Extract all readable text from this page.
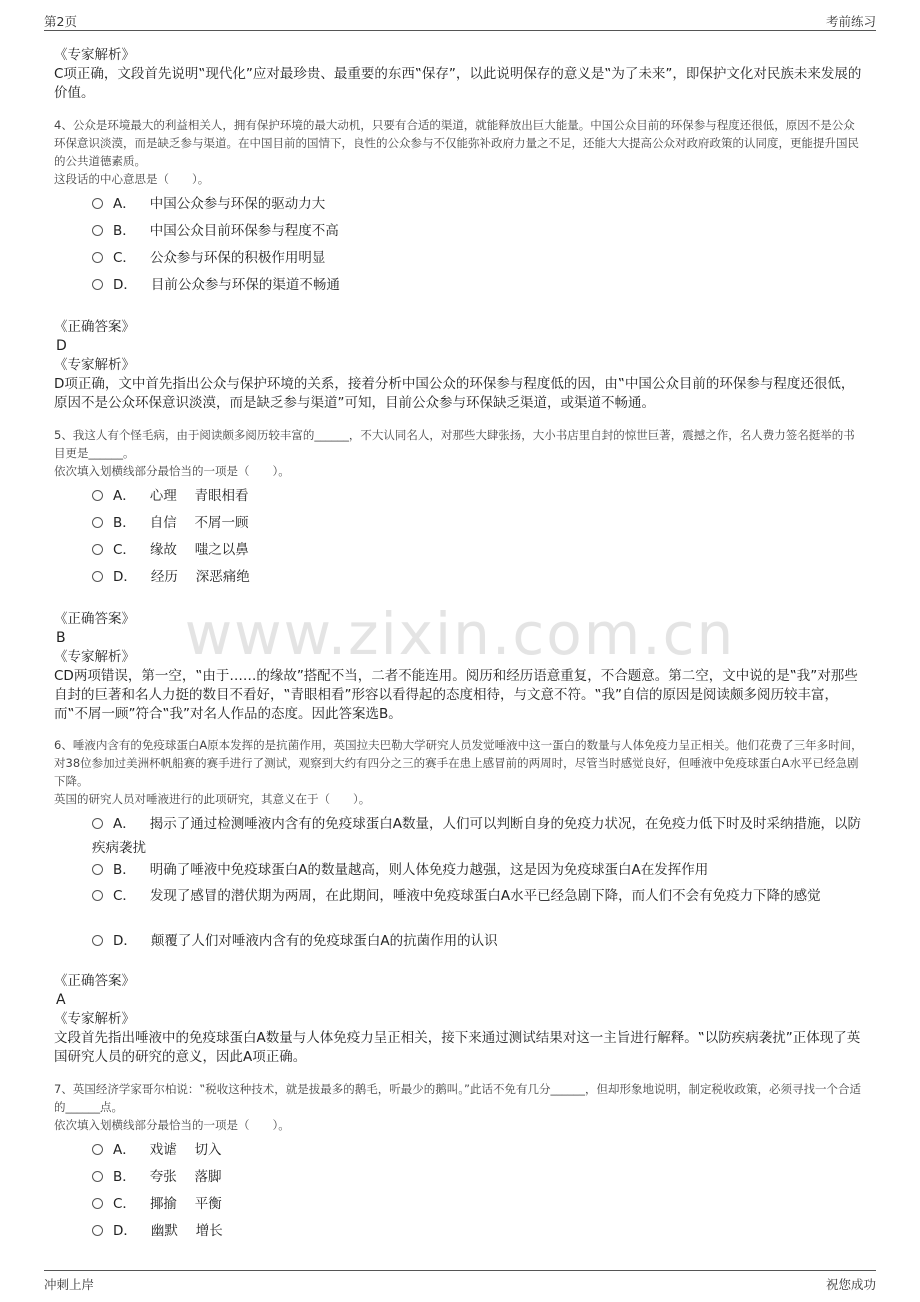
第2页	考前练习
www.zixin.com.cn
《专家解析》
C项正确，文段首先说明‟现代化”应对最珍贵、最重要的东西‟保存”，以此说明保存的意义是‟为了未来”，即保护文化对民族未来发展的价值。
4、公众是环境最大的利益相关人，拥有保护环境的最大动机，只要有合适的渠道，就能释放出巨大能量。中国公众目前的环保参与程度还很低，原因不是公众环保意识淡漠，而是缺乏参与渠道。在中国目前的国情下，良性的公众参与不仅能弥补政府力量之不足，还能大大提高公众对政府政策的认同度，更能提升国民的公共道德素质。
这段话的中心意思是（　　）。
A． 中国公众参与环保的驱动力大
B． 中国公众目前环保参与程度不高
C． 公众参与环保的积极作用明显
D． 目前公众参与环保的渠道不畅通
《正确答案》
D
《专家解析》
D项正确，文中首先指出公众与保护环境的关系，接着分析中国公众的环保参与程度低的因，由‟中国公众目前的环保参与程度还很低，原因不是公众环保意识淡漠，而是缺乏参与渠道”可知，目前公众参与环保缺乏渠道，或渠道不畅通。
5、我这人有个怪毛病，由于阅读颇多阅历较丰富的______，不大认同名人，对那些大肆张扬，大小书店里自封的惊世巨著，震撼之作，名人费力签名挺举的书目更是______。
依次填入划横线部分最恰当的一项是（　　）。
A． 心理　 青眼相看
B． 自信　 不屑一顾
C． 缘故　 嗤之以鼻
D． 经历　 深恶痛绝
《正确答案》
B
《专家解析》
CD两项错误，第一空，‟由于……的缘故”搭配不当，二者不能连用。阅历和经历语意重复，不合题意。第二空，文中说的是‟我”对那些自封的巨著和名人力挺的数目不看好，‟青眼相看”形容以看得起的态度相待，与文意不符。‟我”自信的原因是阅读颇多阅历较丰富，而‟不屑一顾”符合‟我”对名人作品的态度。因此答案选B。
6、唾液内含有的免疫球蛋白A原本发挥的是抗菌作用，英国拉夫巴勒大学研究人员发觉唾液中这一蛋白的数量与人体免疫力呈正相关。他们花费了三年多时间，对38位参加过美洲杯帆船赛的赛手进行了测试，观察到大约有四分之三的赛手在患上感冒前的两周时，尽管当时感觉良好，但唾液中免疫球蛋白A水平已经急剧下降。
英国的研究人员对唾液进行的此项研究，其意义在于（　　）。
A． 揭示了通过检测唾液内含有的免疫球蛋白A数量，人们可以判断自身的免疫力状况，在免疫力低下时及时采纳措施，以防疾病袭扰
B． 明确了唾液中免疫球蛋白A的数量越高，则人体免疫力越强，这是因为免疫球蛋白A在发挥作用
C． 发现了感冒的潜伏期为两周，在此期间，唾液中免疫球蛋白A水平已经急剧下降，而人们不会有免疫力下降的感觉
D． 颠覆了人们对唾液内含有的免疫球蛋白A的抗菌作用的认识
《正确答案》
A
《专家解析》
文段首先指出唾液中的免疫球蛋白A数量与人体免疫力呈正相关，接下来通过测试结果对这一主旨进行解释。‟以防疾病袭扰”正体现了英国研究人员的研究的意义，因此A项正确。
7、英国经济学家哥尔柏说：‟税收这种技术，就是拔最多的鹅毛，听最少的鹅叫。”此话不免有几分______，但却形象地说明，制定税收政策，必须寻找一个合适的______点。
依次填入划横线部分最恰当的一项是（　　）。
A． 戏谑　 切入
B． 夸张　 落脚
C． 揶揄　 平衡
D． 幽默　 增长
冲刺上岸	祝您成功
